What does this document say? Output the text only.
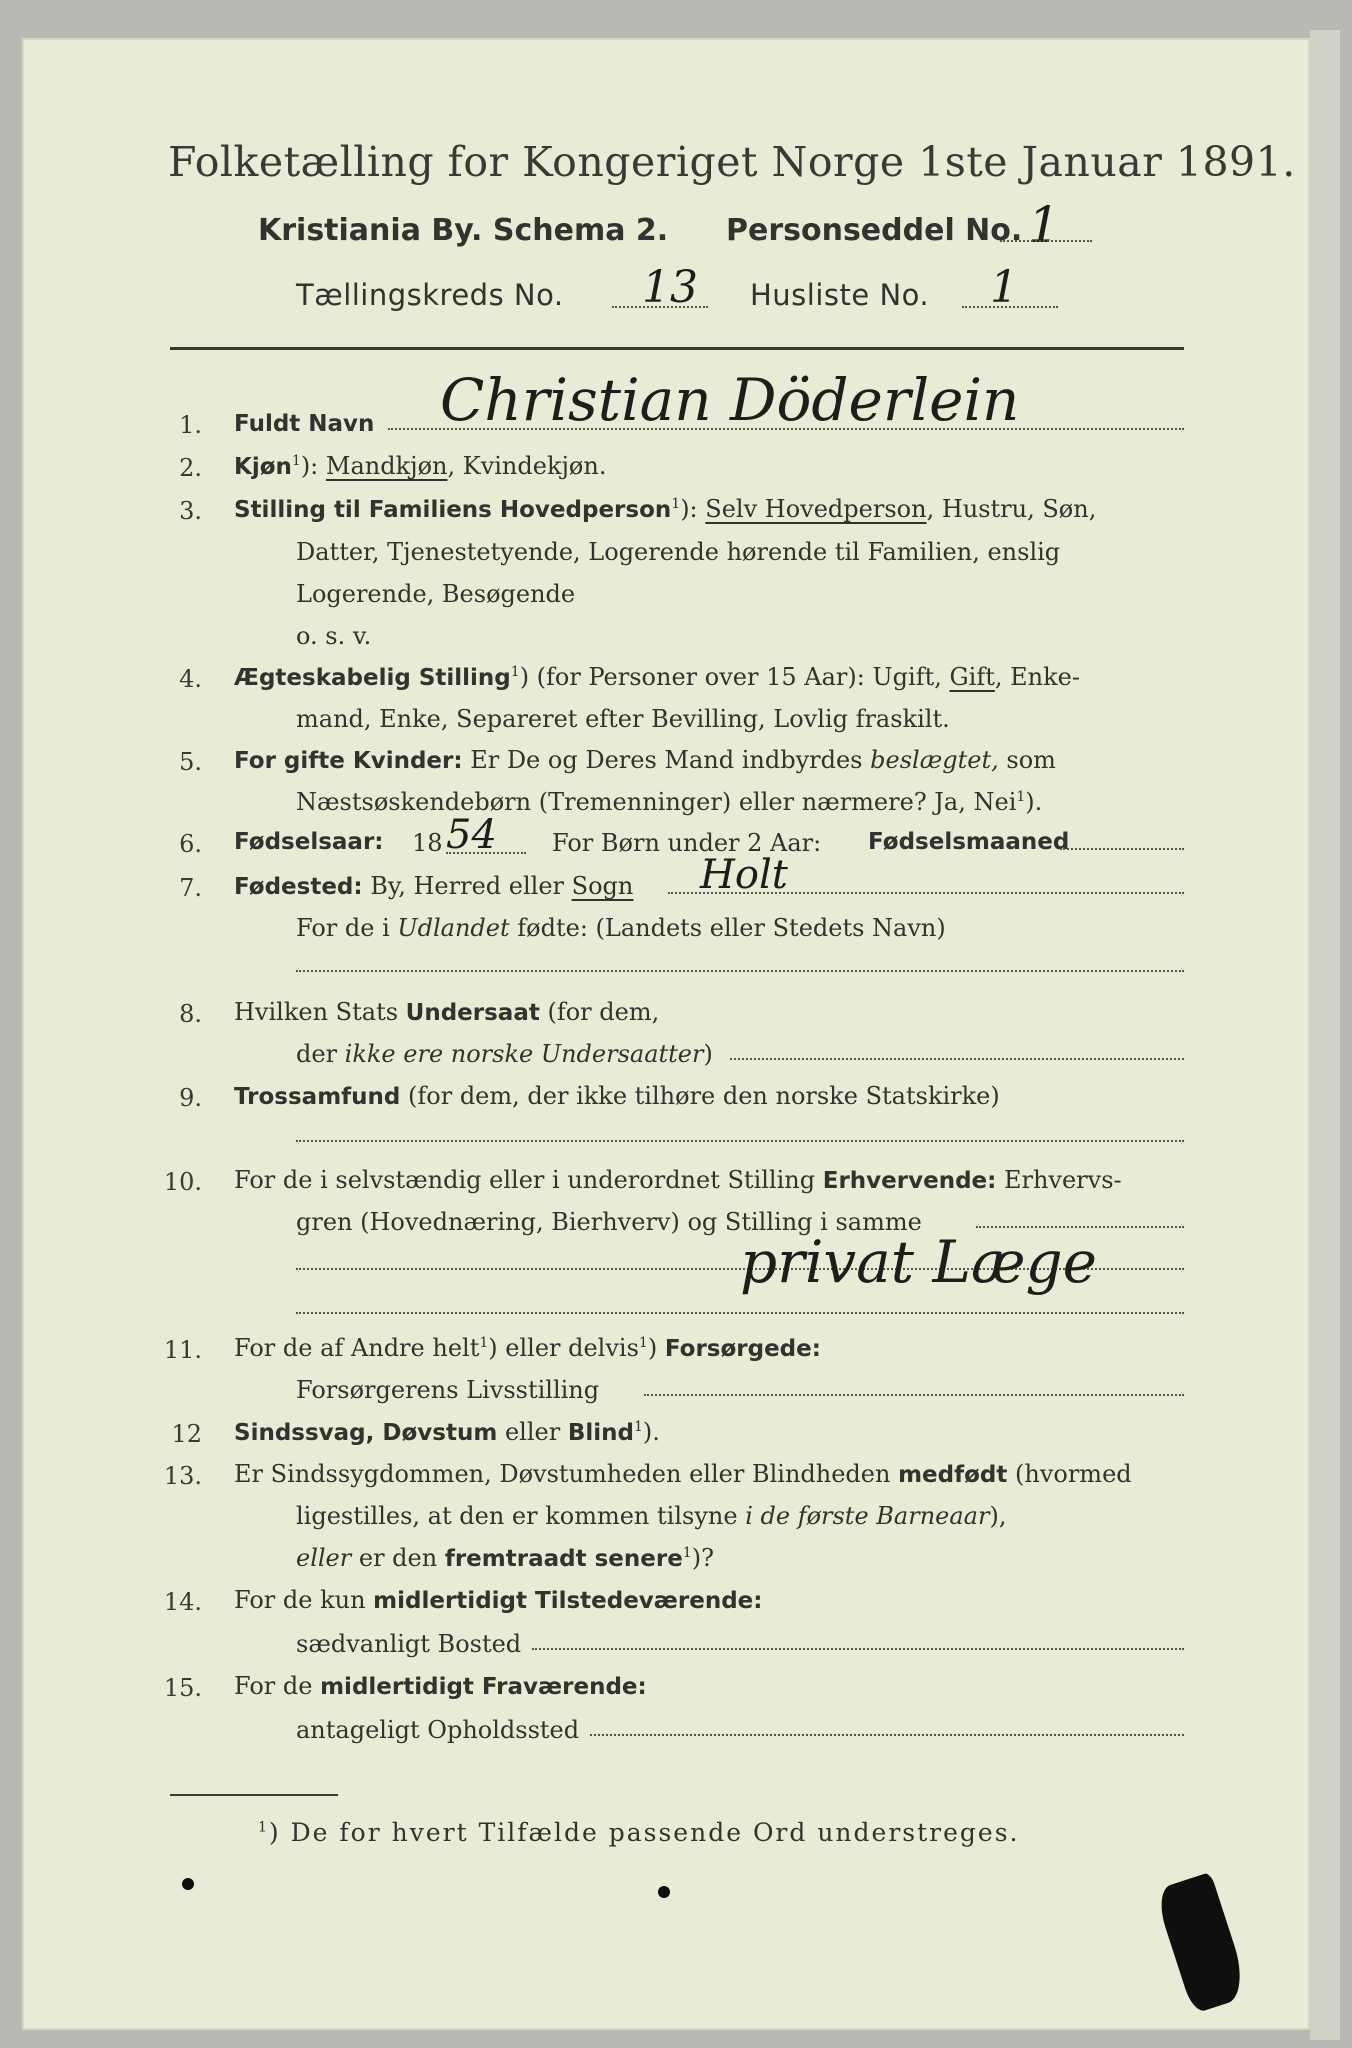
Folketælling for Kongeriget Norge 1ste Januar 1891.
Kristiania By. Schema 2. Personseddel No. 1
Tællingskreds No. 13 Husliste No. 1
1. Fuldt Navn Christian Döderlein
2. Kjøn$^1$): Mandkjøn, Kvindekjøn.
3. Stilling til Familiens Hovedperson$^1$): Selv Hovedperson, Hustru, Søn,
Datter, Tjenestetyende, Logerende hørende til Familien, enslig
Logerende, Besøgende
o. s. v.
4. Ægteskabelig Stilling$^1$) (for Personer over 15 Aar): Ugift, Gift, Enke-
mand, Enke, Separeret efter Bevilling, Lovlig fraskilt.
5. For gifte Kvinder: Er De og Deres Mand indbyrdes beslægtet, som
Næstsøskendebørn (Tremenninger) eller nærmere? Ja, Nei$^1$).
6. Fødselsaar: 18 54 For Børn under 2 Aar: Fødselsmaaned
7. Fødested: By, Herred eller Sogn Holt
For de i Udlandet fødte: (Landets eller Stedets Navn)
8. Hvilken Stats Undersaat (for dem,
der ikke ere norske Undersaatter)
9. Trossamfund (for dem, der ikke tilhøre den norske Statskirke)
10. For de i selvstændig eller i underordnet Stilling Erhvervende: Erhvervs-
gren (Hovednæring, Bierhverv) og Stilling i samme
privat Læge
11. For de af Andre helt$^1$) eller delvis$^1$) Forsørgede:
Forsørgerens Livsstilling
12 Sindssvag, Døvstum eller Blind$^1$).
13. Er Sindssygdommen, Døvstumheden eller Blindheden medfødt (hvormed
ligestilles, at den er kommen tilsyne i de første Barneaar),
eller er den fremtraadt senere$^1$)?
14. For de kun midlertidigt Tilstedeværende:
sædvanligt Bosted
15. For de midlertidigt Fraværende:
antageligt Opholdssted
$^1$) De for hvert Tilfælde passende Ord understreges.
